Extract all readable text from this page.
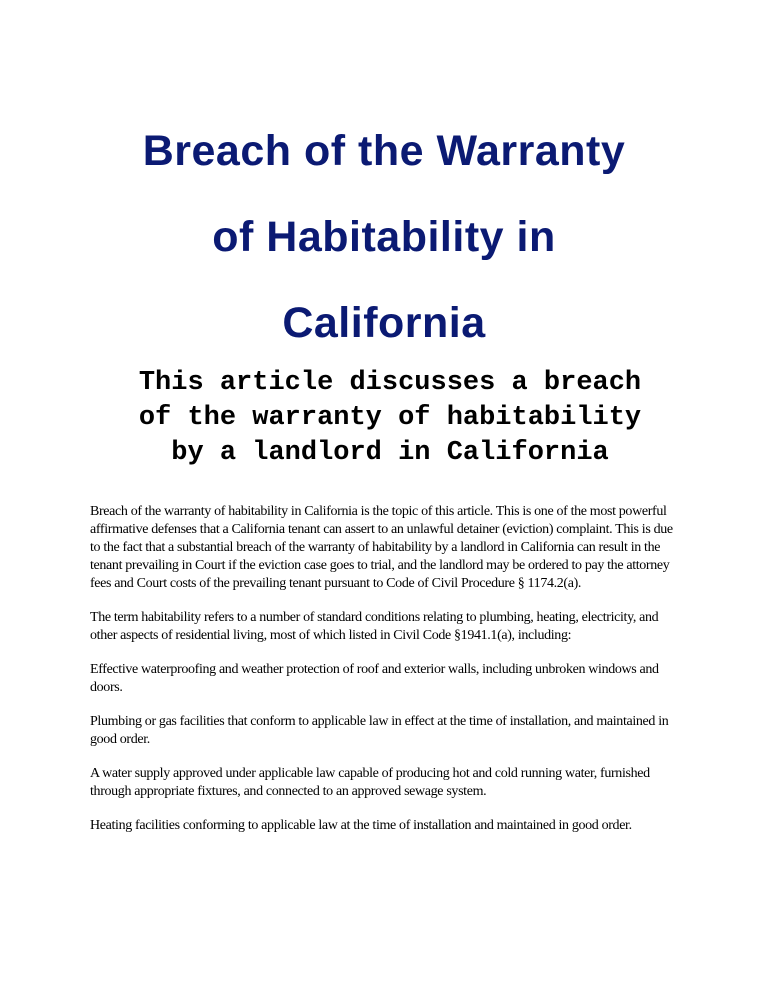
Breach of the Warranty
of Habitability in
California
This article discusses a breach
of the warranty of habitability
by a landlord in California

Breach of the warranty of habitability in California is the topic of this article. This is one of the most powerful affirmative defenses that a California tenant can assert to an unlawful detainer (eviction) complaint. This is due to the fact that a substantial breach of the warranty of habitability by a landlord in California can result in the tenant prevailing in Court if the eviction case goes to trial, and the landlord may be ordered to pay the attorney fees and Court costs of the prevailing tenant pursuant to Code of Civil Procedure § 1174.2(a).

The term habitability refers to a number of standard conditions relating to plumbing, heating, electricity, and other aspects of residential living, most of which listed in Civil Code §1941.1(a), including:

Effective waterproofing and weather protection of roof and exterior walls, including unbroken windows and doors.

Plumbing or gas facilities that conform to applicable law in effect at the time of installation, and maintained in good order.

A water supply approved under applicable law capable of producing hot and cold running water, furnished through appropriate fixtures, and connected to an approved sewage system.

Heating facilities conforming to applicable law at the time of installation and maintained in good order.
